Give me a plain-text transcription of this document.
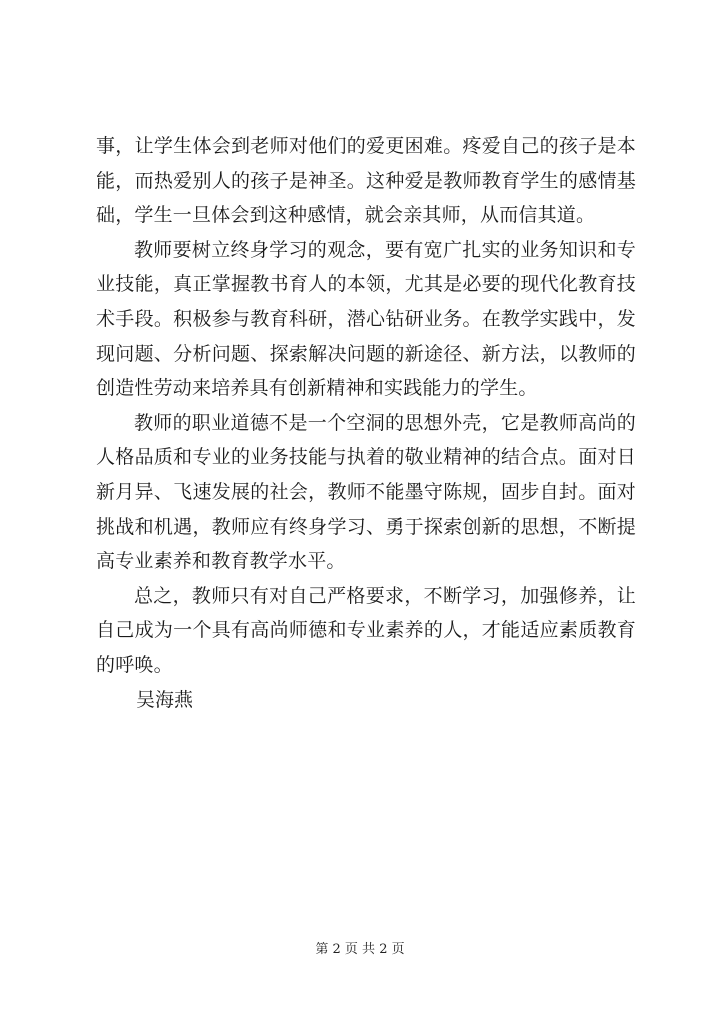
事，让学生体会到老师对他们的爱更困难。疼爱自己的孩子是本能，而热爱别人的孩子是神圣。这种爱是教师教育学生的感情基础，学生一旦体会到这种感情，就会亲其师，从而信其道。

教师要树立终身学习的观念，要有宽广扎实的业务知识和专业技能，真正掌握教书育人的本领，尤其是必要的现代化教育技术手段。积极参与教育科研，潜心钻研业务。在教学实践中，发现问题、分析问题、探索解决问题的新途径、新方法，以教师的创造性劳动来培养具有创新精神和实践能力的学生。

教师的职业道德不是一个空洞的思想外壳，它是教师高尚的人格品质和专业的业务技能与执着的敬业精神的结合点。面对日新月异、飞速发展的社会，教师不能墨守陈规，固步自封。面对挑战和机遇，教师应有终身学习、勇于探索创新的思想，不断提高专业素养和教育教学水平。

总之，教师只有对自己严格要求，不断学习，加强修养，让自己成为一个具有高尚师德和专业素养的人，才能适应素质教育的呼唤。

吴海燕

第 2 页 共 2 页
